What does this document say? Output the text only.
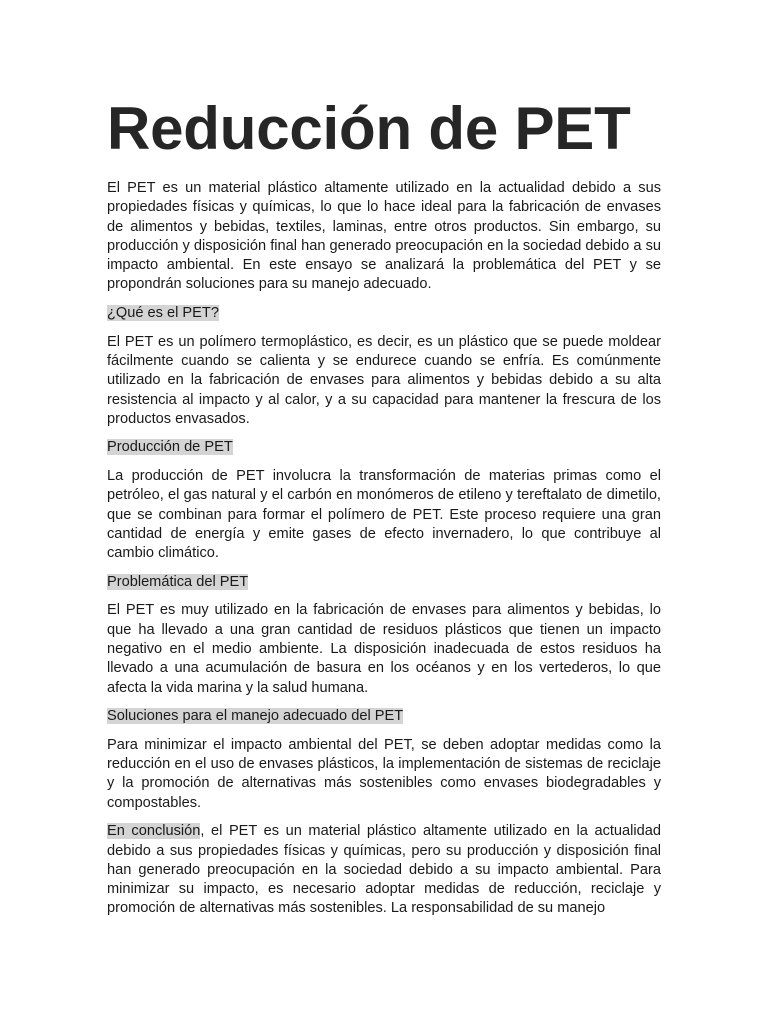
Reducción de PET

El PET es un material plástico altamente utilizado en la actualidad debido a sus propiedades físicas y químicas, lo que lo hace ideal para la fabricación de envases de alimentos y bebidas, textiles, laminas, entre otros productos. Sin embargo, su producción y disposición final han generado preocupación en la sociedad debido a su impacto ambiental. En este ensayo se analizará la problemática del PET y se propondrán soluciones para su manejo adecuado.

¿Qué es el PET?

El PET es un polímero termoplástico, es decir, es un plástico que se puede moldear fácilmente cuando se calienta y se endurece cuando se enfría. Es comúnmente utilizado en la fabricación de envases para alimentos y bebidas debido a su alta resistencia al impacto y al calor, y a su capacidad para mantener la frescura de los productos envasados.

Producción de PET

La producción de PET involucra la transformación de materias primas como el petróleo, el gas natural y el carbón en monómeros de etileno y tereftalato de dimetilo, que se combinan para formar el polímero de PET. Este proceso requiere una gran cantidad de energía y emite gases de efecto invernadero, lo que contribuye al cambio climático.

Problemática del PET

El PET es muy utilizado en la fabricación de envases para alimentos y bebidas, lo que ha llevado a una gran cantidad de residuos plásticos que tienen un impacto negativo en el medio ambiente. La disposición inadecuada de estos residuos ha llevado a una acumulación de basura en los océanos y en los vertederos, lo que afecta la vida marina y la salud humana.

Soluciones para el manejo adecuado del PET

Para minimizar el impacto ambiental del PET, se deben adoptar medidas como la reducción en el uso de envases plásticos, la implementación de sistemas de reciclaje y la promoción de alternativas más sostenibles como envases biodegradables y compostables.

En conclusión, el PET es un material plástico altamente utilizado en la actualidad debido a sus propiedades físicas y químicas, pero su producción y disposición final han generado preocupación en la sociedad debido a su impacto ambiental. Para minimizar su impacto, es necesario adoptar medidas de reducción, reciclaje y promoción de alternativas más sostenibles. La responsabilidad de su manejo
